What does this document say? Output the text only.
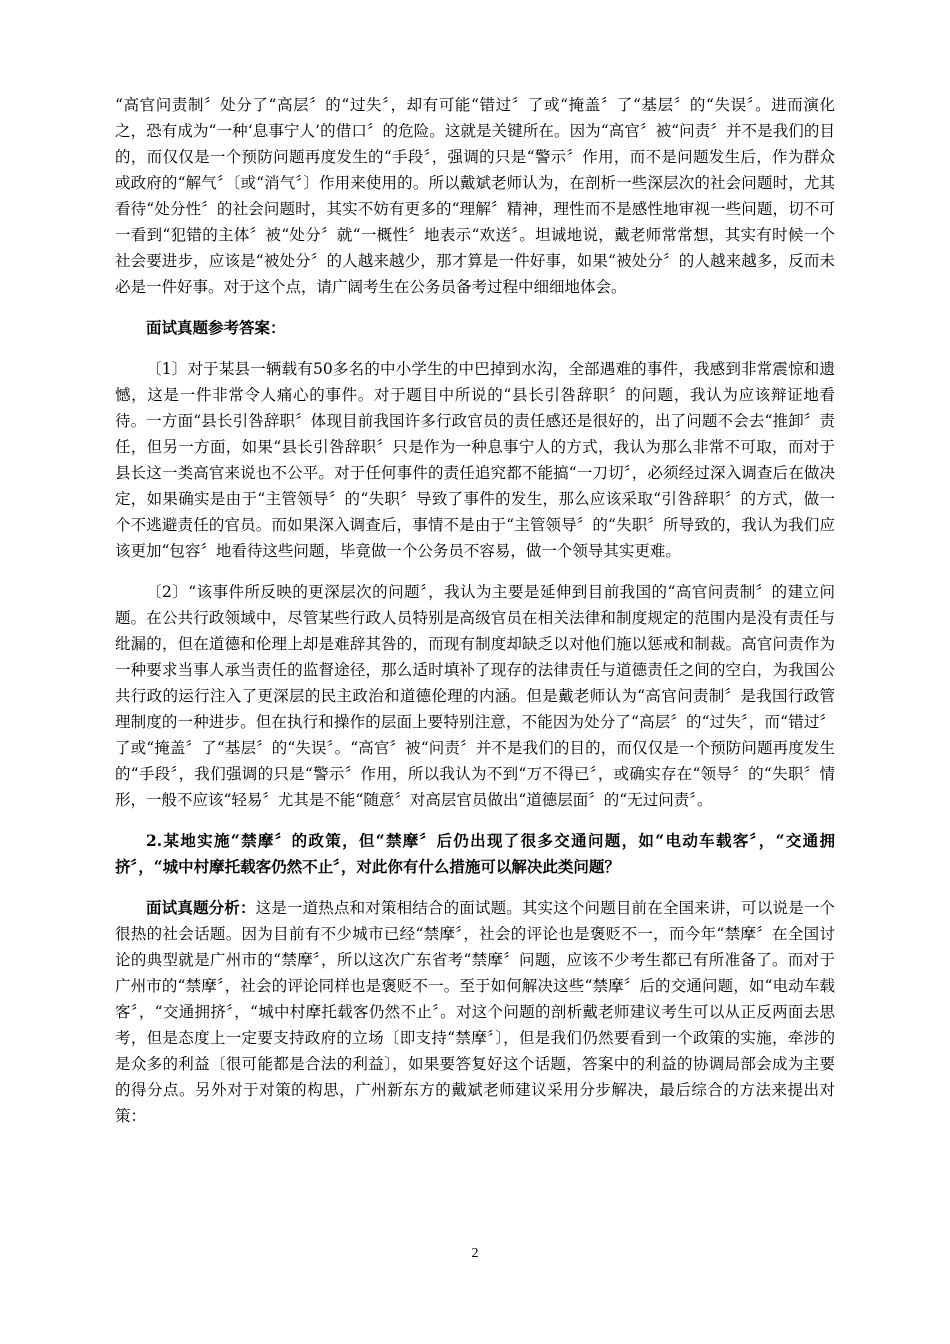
“高官问责制〞处分了“高层〞的“过失〞，却有可能“错过〞了或“掩盖〞了“基层〞的“失误〞。进而演化之，恐有成为“一种‘息事宁人’的借口〞的危险。这就是关键所在。因为“高官〞被“问责〞并不是我们的目的，而仅仅是一个预防问题再度发生的“手段〞，强调的只是“警示〞作用，而不是问题发生后，作为群众或政府的“解气〞〔或“消气〞〕作用来使用的。所以戴斌老师认为，在剖析一些深层次的社会问题时，尤其看待“处分性〞的社会问题时，其实不妨有更多的“理解〞精神，理性而不是感性地审视一些问题，切不可一看到“犯错的主体〞被“处分〞就“一概性〞地表示“欢送〞。坦诚地说，戴老师常常想，其实有时候一个社会要进步，应该是“被处分〞的人越来越少，那才算是一件好事，如果“被处分〞的人越来越多，反而未必是一件好事。对于这个点，请广阔考生在公务员备考过程中细细地体会。

面试真题参考答案：

〔1〕对于某县一辆载有50多名的中小学生的中巴掉到水沟，全部遇难的事件，我感到非常震惊和遗憾，这是一件非常令人痛心的事件。对于题目中所说的“县长引咎辞职〞的问题，我认为应该辩证地看待。一方面“县长引咎辞职〞体现目前我国许多行政官员的责任感还是很好的，出了问题不会去“推卸〞责任，但另一方面，如果“县长引咎辞职〞只是作为一种息事宁人的方式，我认为那么非常不可取，而对于县长这一类高官来说也不公平。对于任何事件的责任追究都不能搞“一刀切〞，必须经过深入调查后在做决定，如果确实是由于“主管领导〞的“失职〞导致了事件的发生，那么应该采取“引咎辞职〞的方式，做一个不逃避责任的官员。而如果深入调查后，事情不是由于“主管领导〞的“失职〞所导致的，我认为我们应该更加“包容〞地看待这些问题，毕竟做一个公务员不容易，做一个领导其实更难。

〔2〕“该事件所反映的更深层次的问题〞，我认为主要是延伸到目前我国的“高官问责制〞的建立问题。在公共行政领域中，尽管某些行政人员特别是高级官员在相关法律和制度规定的范围内是没有责任与纰漏的，但在道德和伦理上却是难辞其咎的，而现有制度却缺乏以对他们施以惩戒和制裁。高官问责作为一种要求当事人承当责任的监督途径，那么适时填补了现存的法律责任与道德责任之间的空白，为我国公共行政的运行注入了更深层的民主政治和道德伦理的内涵。但是戴老师认为“高官问责制〞是我国行政管理制度的一种进步。但在执行和操作的层面上要特别注意，不能因为处分了“高层〞的“过失〞，而“错过〞了或“掩盖〞了“基层〞的“失误〞。“高官〞被“问责〞并不是我们的目的，而仅仅是一个预防问题再度发生的“手段〞，我们强调的只是“警示〞作用，所以我认为不到“万不得已〞，或确实存在“领导〞的“失职〞情形，一般不应该“轻易〞尤其是不能“随意〞对高层官员做出“道德层面〞的“无过问责〞。

2.某地实施“禁摩〞的政策，但“禁摩〞后仍出现了很多交通问题，如“电动车载客〞，“交通拥挤〞，“城中村摩托载客仍然不止〞，对此你有什么措施可以解决此类问题？

面试真题分析：这是一道热点和对策相结合的面试题。其实这个问题目前在全国来讲，可以说是一个很热的社会话题。因为目前有不少城市已经“禁摩〞，社会的评论也是褒贬不一，而今年“禁摩〞在全国讨论的典型就是广州市的“禁摩〞，所以这次广东省考“禁摩〞问题，应该不少考生都已有所准备了。而对于广州市的“禁摩〞，社会的评论同样也是褒贬不一。至于如何解决这些“禁摩〞后的交通问题，如“电动车载客〞，“交通拥挤〞，“城中村摩托载客仍然不止〞。对这个问题的剖析戴老师建议考生可以从正反两面去思考，但是态度上一定要支持政府的立场〔即支持“禁摩〞〕，但是我们仍然要看到一个政策的实施，牵涉的是众多的利益〔很可能都是合法的利益〕，如果要答复好这个话题，答案中的利益的协调局部会成为主要的得分点。另外对于对策的构思，广州新东方的戴斌老师建议采用分步解决，最后综合的方法来提出对策：

2
